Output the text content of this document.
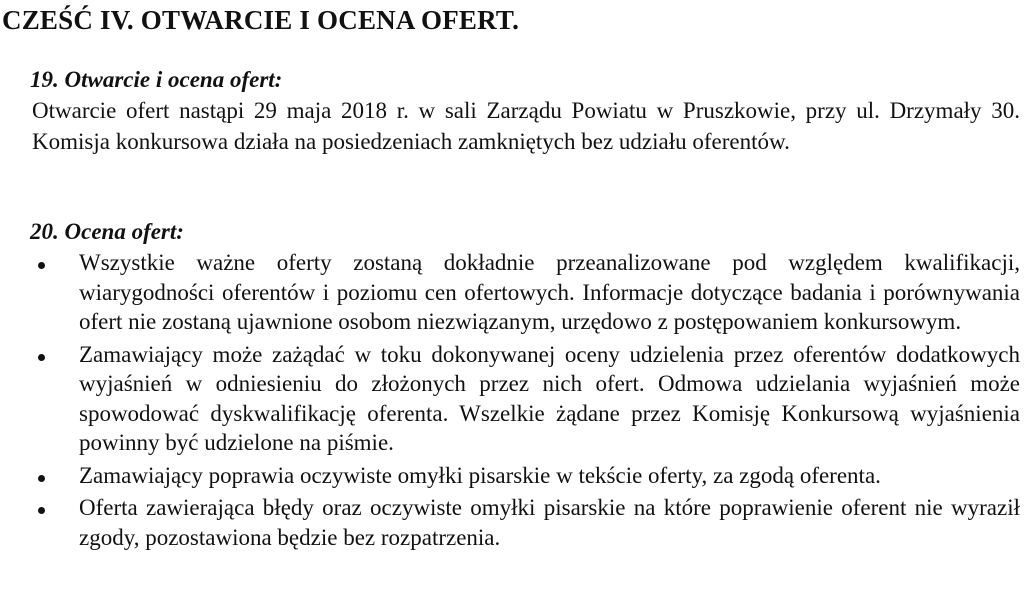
CZEŚĆ IV. OTWARCIE I OCENA OFERT.
19. Otwarcie i ocena ofert:
Otwarcie ofert nastąpi 29 maja 2018 r. w sali Zarządu Powiatu w Pruszkowie, przy ul. Drzymały 30. Komisja konkursowa działa na posiedzeniach zamkniętych bez udziału oferentów.
20. Ocena ofert:
Wszystkie ważne oferty zostaną dokładnie przeanalizowane pod względem kwalifikacji, wiarygodności oferentów i poziomu cen ofertowych. Informacje dotyczące badania i porównywania ofert nie zostaną ujawnione osobom niezwiązanym, urzędowo z postępowaniem konkursowym.
Zamawiający może zażądać w toku dokonywanej oceny udzielenia przez oferentów dodatkowych wyjaśnień w odniesieniu do złożonych przez nich ofert. Odmowa udzielania wyjaśnień może spowodować dyskwalifikację oferenta. Wszelkie żądane przez Komisję Konkursową wyjaśnienia powinny być udzielone na piśmie.
Zamawiający poprawia oczywiste omyłki pisarskie w tekście oferty, za zgodą oferenta.
Oferta zawierająca błędy oraz oczywiste omyłki pisarskie na które poprawienie oferent nie wyraził zgody, pozostawiona będzie bez rozpatrzenia.
